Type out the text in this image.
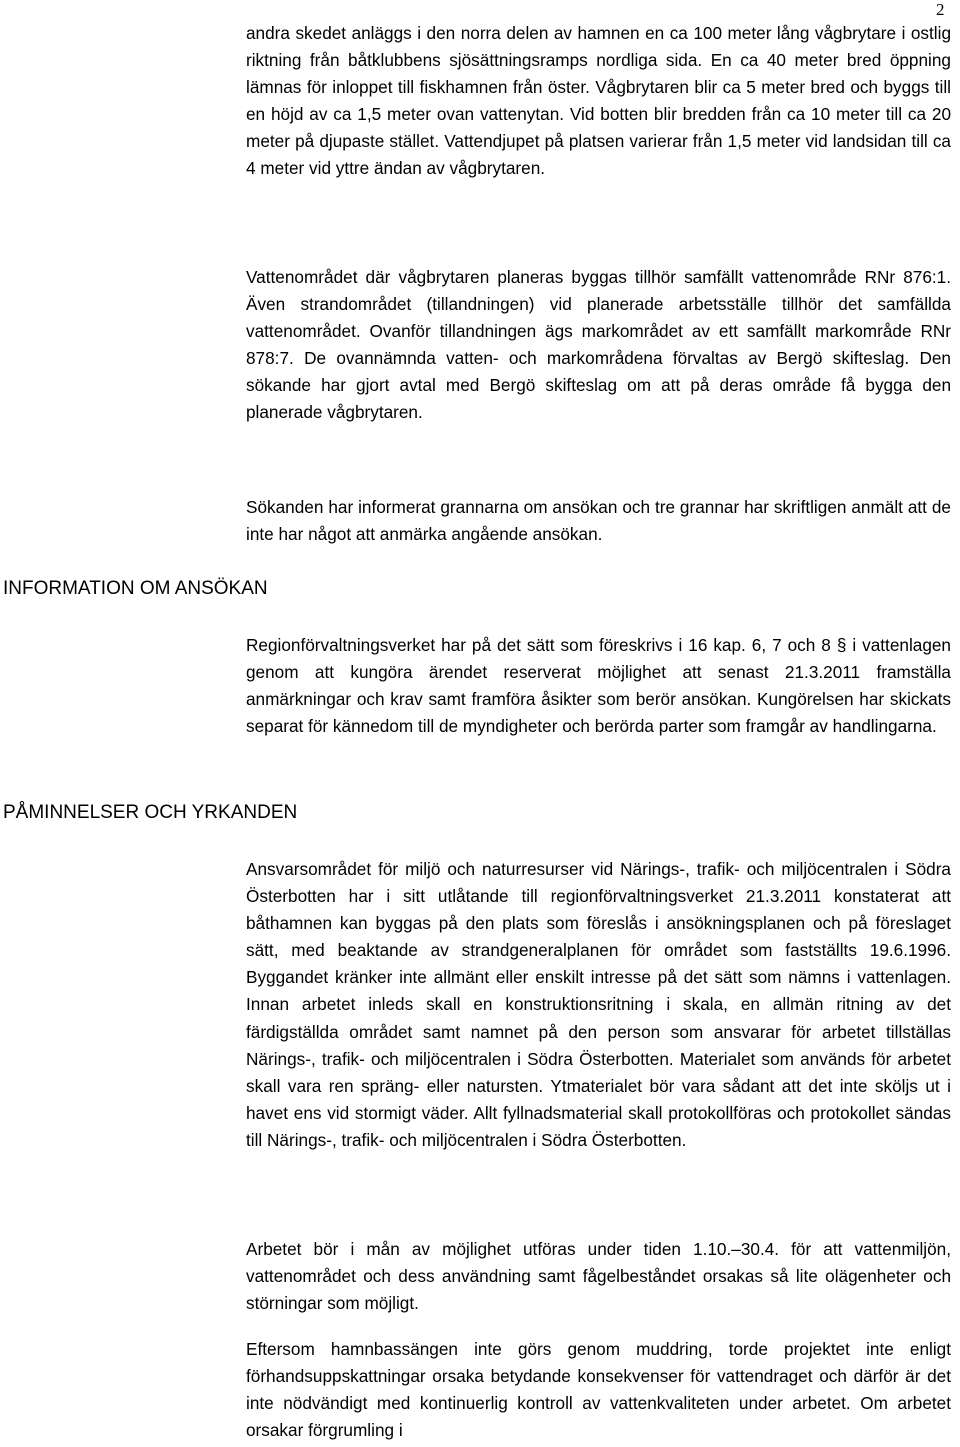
2

andra skedet anläggs i den norra delen av hamnen en ca 100 meter lång vågbrytare i ostlig riktning från båtklubbens sjösättningsramps nordliga sida. En ca 40 meter bred öppning lämnas för inloppet till fiskhamnen från öster. Vågbrytaren blir ca 5 meter bred och byggs till en höjd av ca 1,5 meter ovan vattenytan. Vid botten blir bredden från ca 10 meter till ca 20 meter på djupaste stället. Vattendjupet på platsen varierar från 1,5 meter vid landsidan till ca 4 meter vid yttre ändan av vågbrytaren.

Vattenområdet där vågbrytaren planeras byggas tillhör samfällt vattenområde RNr 876:1. Även strandområdet (tillandningen) vid planerade arbetsställe tillhör det samfällda vattenområdet. Ovanför tillandningen ägs markområdet av ett samfällt markområde RNr 878:7. De ovannämnda vatten- och markområdena förvaltas av Bergö skifteslag. Den sökande har gjort avtal med Bergö skifteslag om att på deras område få bygga den planerade vågbrytaren.

Sökanden har informerat grannarna om ansökan och tre grannar har skriftligen anmält att de inte har något att anmärka angående ansökan.

INFORMATION OM ANSÖKAN

Regionförvaltningsverket har på det sätt som föreskrivs i 16 kap. 6, 7 och 8 § i vattenlagen genom att kungöra ärendet reserverat möjlighet att senast 21.3.2011 framställa anmärkningar och krav samt framföra åsikter som berör ansökan. Kungörelsen har skickats separat för kännedom till de myndigheter och berörda parter som framgår av handlingarna.

PÅMINNELSER OCH YRKANDEN

Ansvarsområdet för miljö och naturresurser vid Närings-, trafik- och miljöcentralen i Södra Österbotten har i sitt utlåtande till regionförvaltningsverket 21.3.2011 konstaterat att båthamnen kan byggas på den plats som föreslås i ansökningsplanen och på föreslaget sätt, med beaktande av strandgeneralplanen för området som fastställts 19.6.1996. Byggandet kränker inte allmänt eller enskilt intresse på det sätt som nämns i vattenlagen. Innan arbetet inleds skall en konstruktionsritning i skala, en allmän ritning av det färdigställda området samt namnet på den person som ansvarar för arbetet tillställas Närings-, trafik- och miljöcentralen i Södra Österbotten. Materialet som används för arbetet skall vara ren spräng- eller natursten. Ytmaterialet bör vara sådant att det inte sköljs ut i havet ens vid stormigt väder. Allt fyllnadsmaterial skall protokollföras och protokollet sändas till Närings-, trafik- och miljöcentralen i Södra Österbotten.

Arbetet bör i mån av möjlighet utföras under tiden 1.10.–30.4. för att vattenmiljön, vattenområdet och dess användning samt fågelbeståndet orsakas så lite olägenheter och störningar som möjligt.

Eftersom hamnbassängen inte görs genom muddring, torde projektet inte enligt förhandsuppskattningar orsaka betydande konsekvenser för vattendraget och därför är det inte nödvändigt med kontinuerlig kontroll av vattenkvaliteten under arbetet. Om arbetet orsakar förgrumling i
